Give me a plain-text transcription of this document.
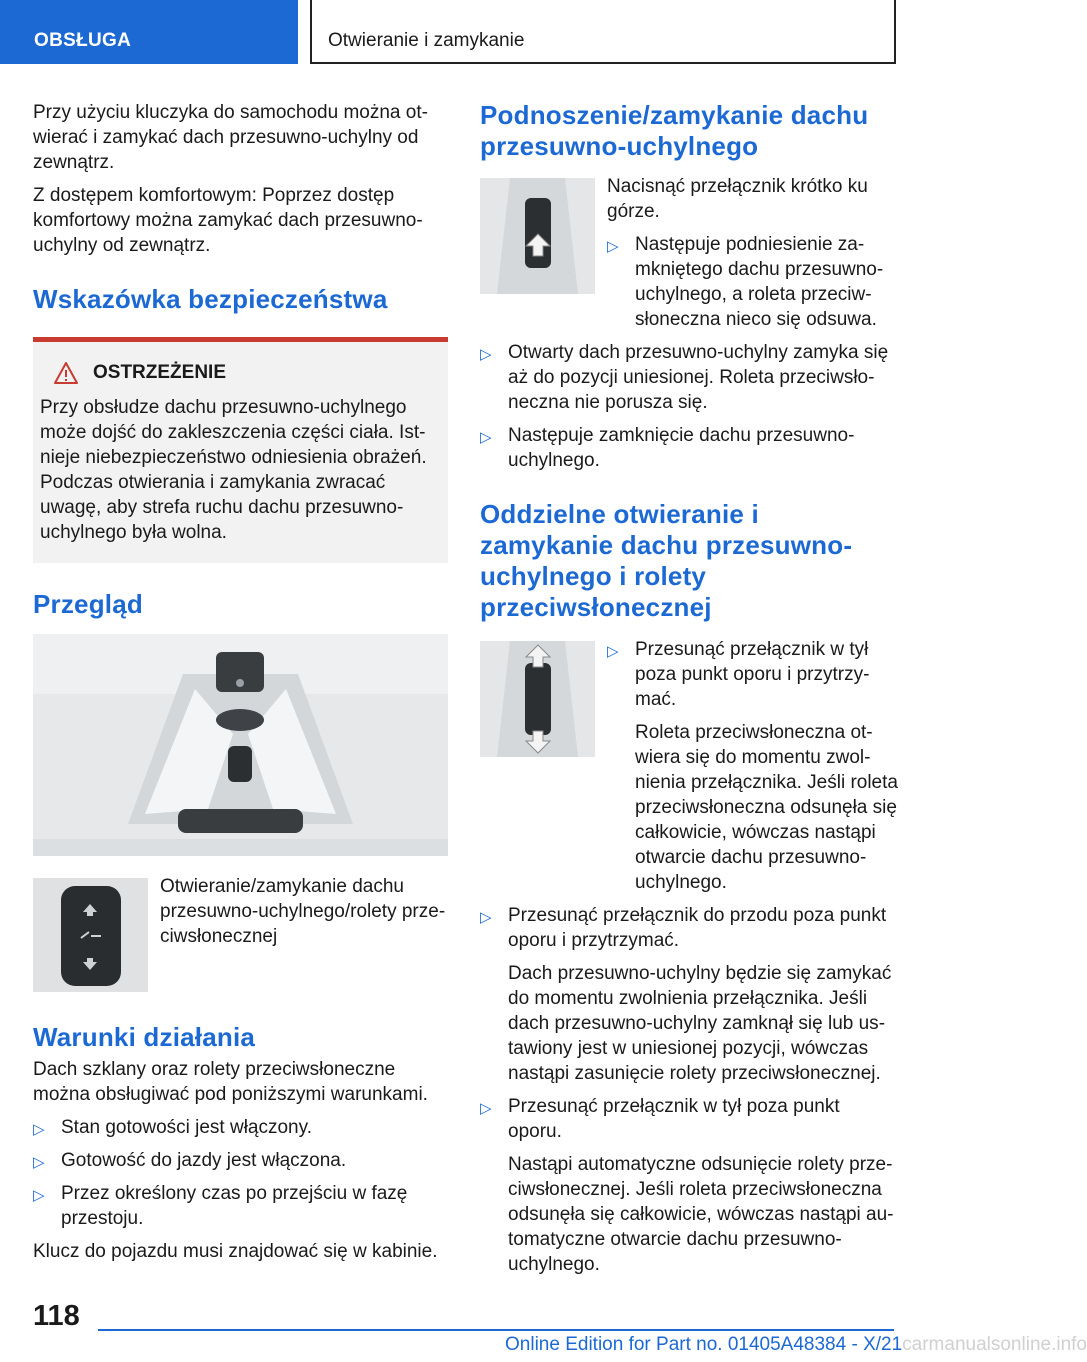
OBSŁUGA	Otwieranie i zamykanie

Przy użyciu kluczyka do samochodu można otwierać i zamykać dach przesuwno-uchylny od zewnątrz.

Z dostępem komfortowym: Poprzez dostęp komfortowy można zamykać dach przesuwno-uchylny od zewnątrz.

Wskazówka bezpieczeństwa
OSTRZEŻENIE
Przy obsłudze dachu przesuwno-uchylnego może dojść do zakleszczenia części ciała. Istnieje niebezpieczeństwo odniesienia obrażeń. Podczas otwierania i zamykania zwracać uwagę, aby strefa ruchu dachu przesuwno-uchylnego była wolna.
Przegląd

Otwieranie/zamykanie dachu przesuwno-uchylnego/rolety przeciwsłonecznej

Warunki działania

Dach szklany oraz rolety przeciwsłoneczne można obsługiwać pod poniższymi warunkami.

▷ Stan gotowości jest włączony.
▷ Gotowość do jazdy jest włączona.
▷ Przez określony czas po przejściu w fazę przestoju.

Klucz do pojazdu musi znajdować się w kabinie.

Podnoszenie/zamykanie dachu przesuwno-uchylnego

Nacisnąć przełącznik krótko ku górze.

▷ Następuje podniesienie zamkniętego dachu przesuwno-uchylnego, a roleta przeciwsłoneczna nieco się odsuwa.
▷ Otwarty dach przesuwno-uchylny zamyka się aż do pozycji uniesionej. Roleta przeciwsłoneczna nie porusza się.
▷ Następuje zamknięcie dachu przesuwno-uchylnego.
Oddzielne otwieranie i zamykanie dachu przesuwno-uchylnego i rolety przeciwsłonecznej
▷ Przesunąć przełącznik w tył poza punkt oporu i przytrzymać.

Roleta przeciwsłoneczna otwiera się do momentu zwolnienia przełącznika. Jeśli roleta przeciwsłoneczna odsunęła się całkowicie, wówczas nastąpi otwarcie dachu przesuwno-uchylnego.

▷ Przesunąć przełącznik do przodu poza punkt oporu i przytrzymać.

Dach przesuwno-uchylny będzie się zamykać do momentu zwolnienia przełącznika. Jeśli dach przesuwno-uchylny zamknął się lub ustawiony jest w uniesionej pozycji, wówczas nastąpi zasunięcie rolety przeciwsłonecznej.

▷ Przesunąć przełącznik w tył poza punkt oporu.

Nastąpi automatyczne odsunięcie rolety przeciwsłonecznej. Jeśli roleta przeciwsłoneczna odsunęła się całkowicie, wówczas nastąpi automatyczne otwarcie dachu przesuwno-uchylnego.

118
Online Edition for Part no. 01405A48384 - X/21carmanualsonline.info
